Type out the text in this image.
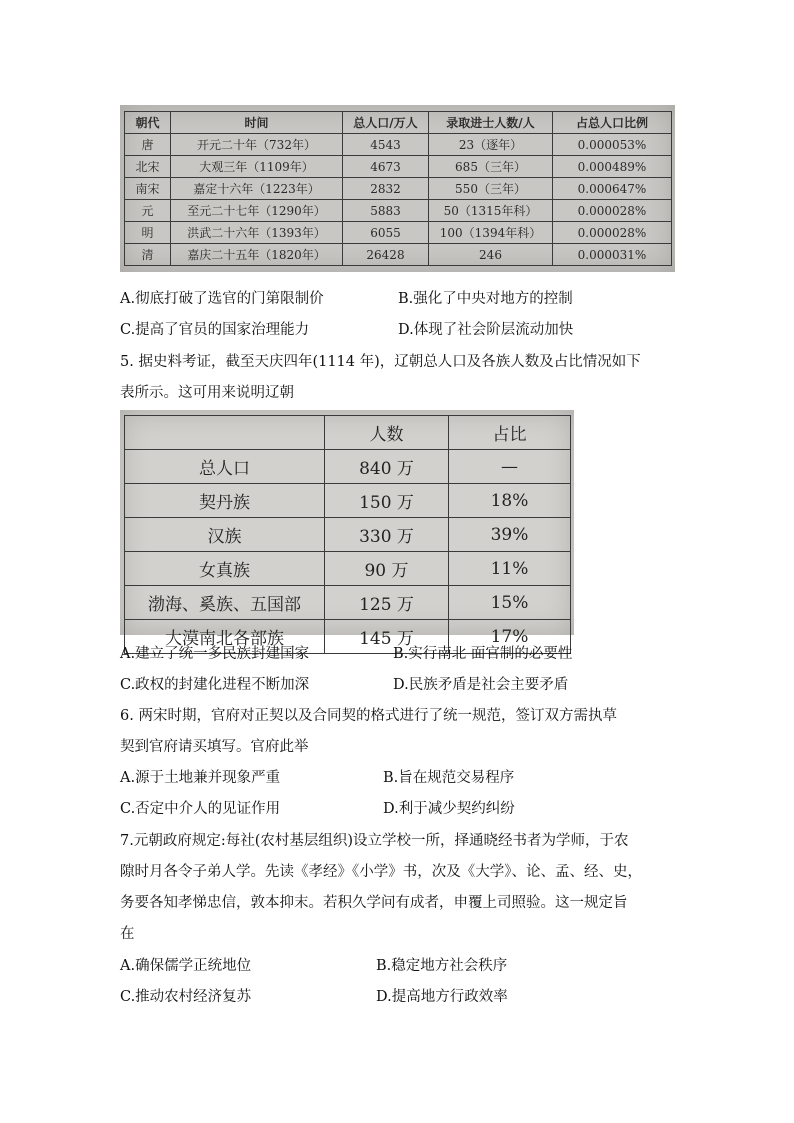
朝代	时间	总人口/万人	录取进士人数/人	占总人口比例
唐	开元二十年（732年）	4543	23（逐年）	0.000053%
北宋	大观三年（1109年）	4673	685（三年）	0.000489%
南宋	嘉定十六年（1223年）	2832	550（三年）	0.000647%
元	至元二十七年（1290年）	5883	50（1315年科）	0.000028%
明	洪武二十六年（1393年）	6055	100（1394年科）	0.000028%
清	嘉庆二十五年（1820年）	26428	246	0.000031%
A.彻底打破了选官的门第限制价	B.强化了中央对地方的控制
C.提高了官员的国家治理能力	D.体现了社会阶层流动加快
5. 据史料考证，截至天庆四年(1114 年)，辽朝总人口及各族人数及占比情况如下
表所示。这可用来说明辽朝
	人数	占比
总人口	840 万	—
契丹族	150 万	18%
汉族	330 万	39%
女真族	90 万	11%
渤海、奚族、五国部	125 万	15%
大漠南北各部族	145 万	17%
A.建立了统一多民族封建国家	B.实行南北 面官制的必要性
C.政权的封建化进程不断加深	D.民族矛盾是社会主要矛盾
6. 两宋时期，官府对正契以及合同契的格式进行了统一规范，签订双方需执草
契到官府请买填写。官府此举
A.源于土地兼并现象严重	B.旨在规范交易程序
C.否定中介人的见证作用	D.利于减少契约纠纷
7.元朝政府规定:每社(农村基层组织)设立学校一所，择通晓经书者为学师，于农
隙时月各令子弟人学。先读《孝经》《小学》书，次及《大学》、论、孟、经、史，
务要各知孝悌忠信，敦本抑末。若积久学问有成者，申覆上司照验。这一规定旨
在
A.确保儒学正统地位	B.稳定地方社会秩序
C.推动农村经济复苏	D.提高地方行政效率
